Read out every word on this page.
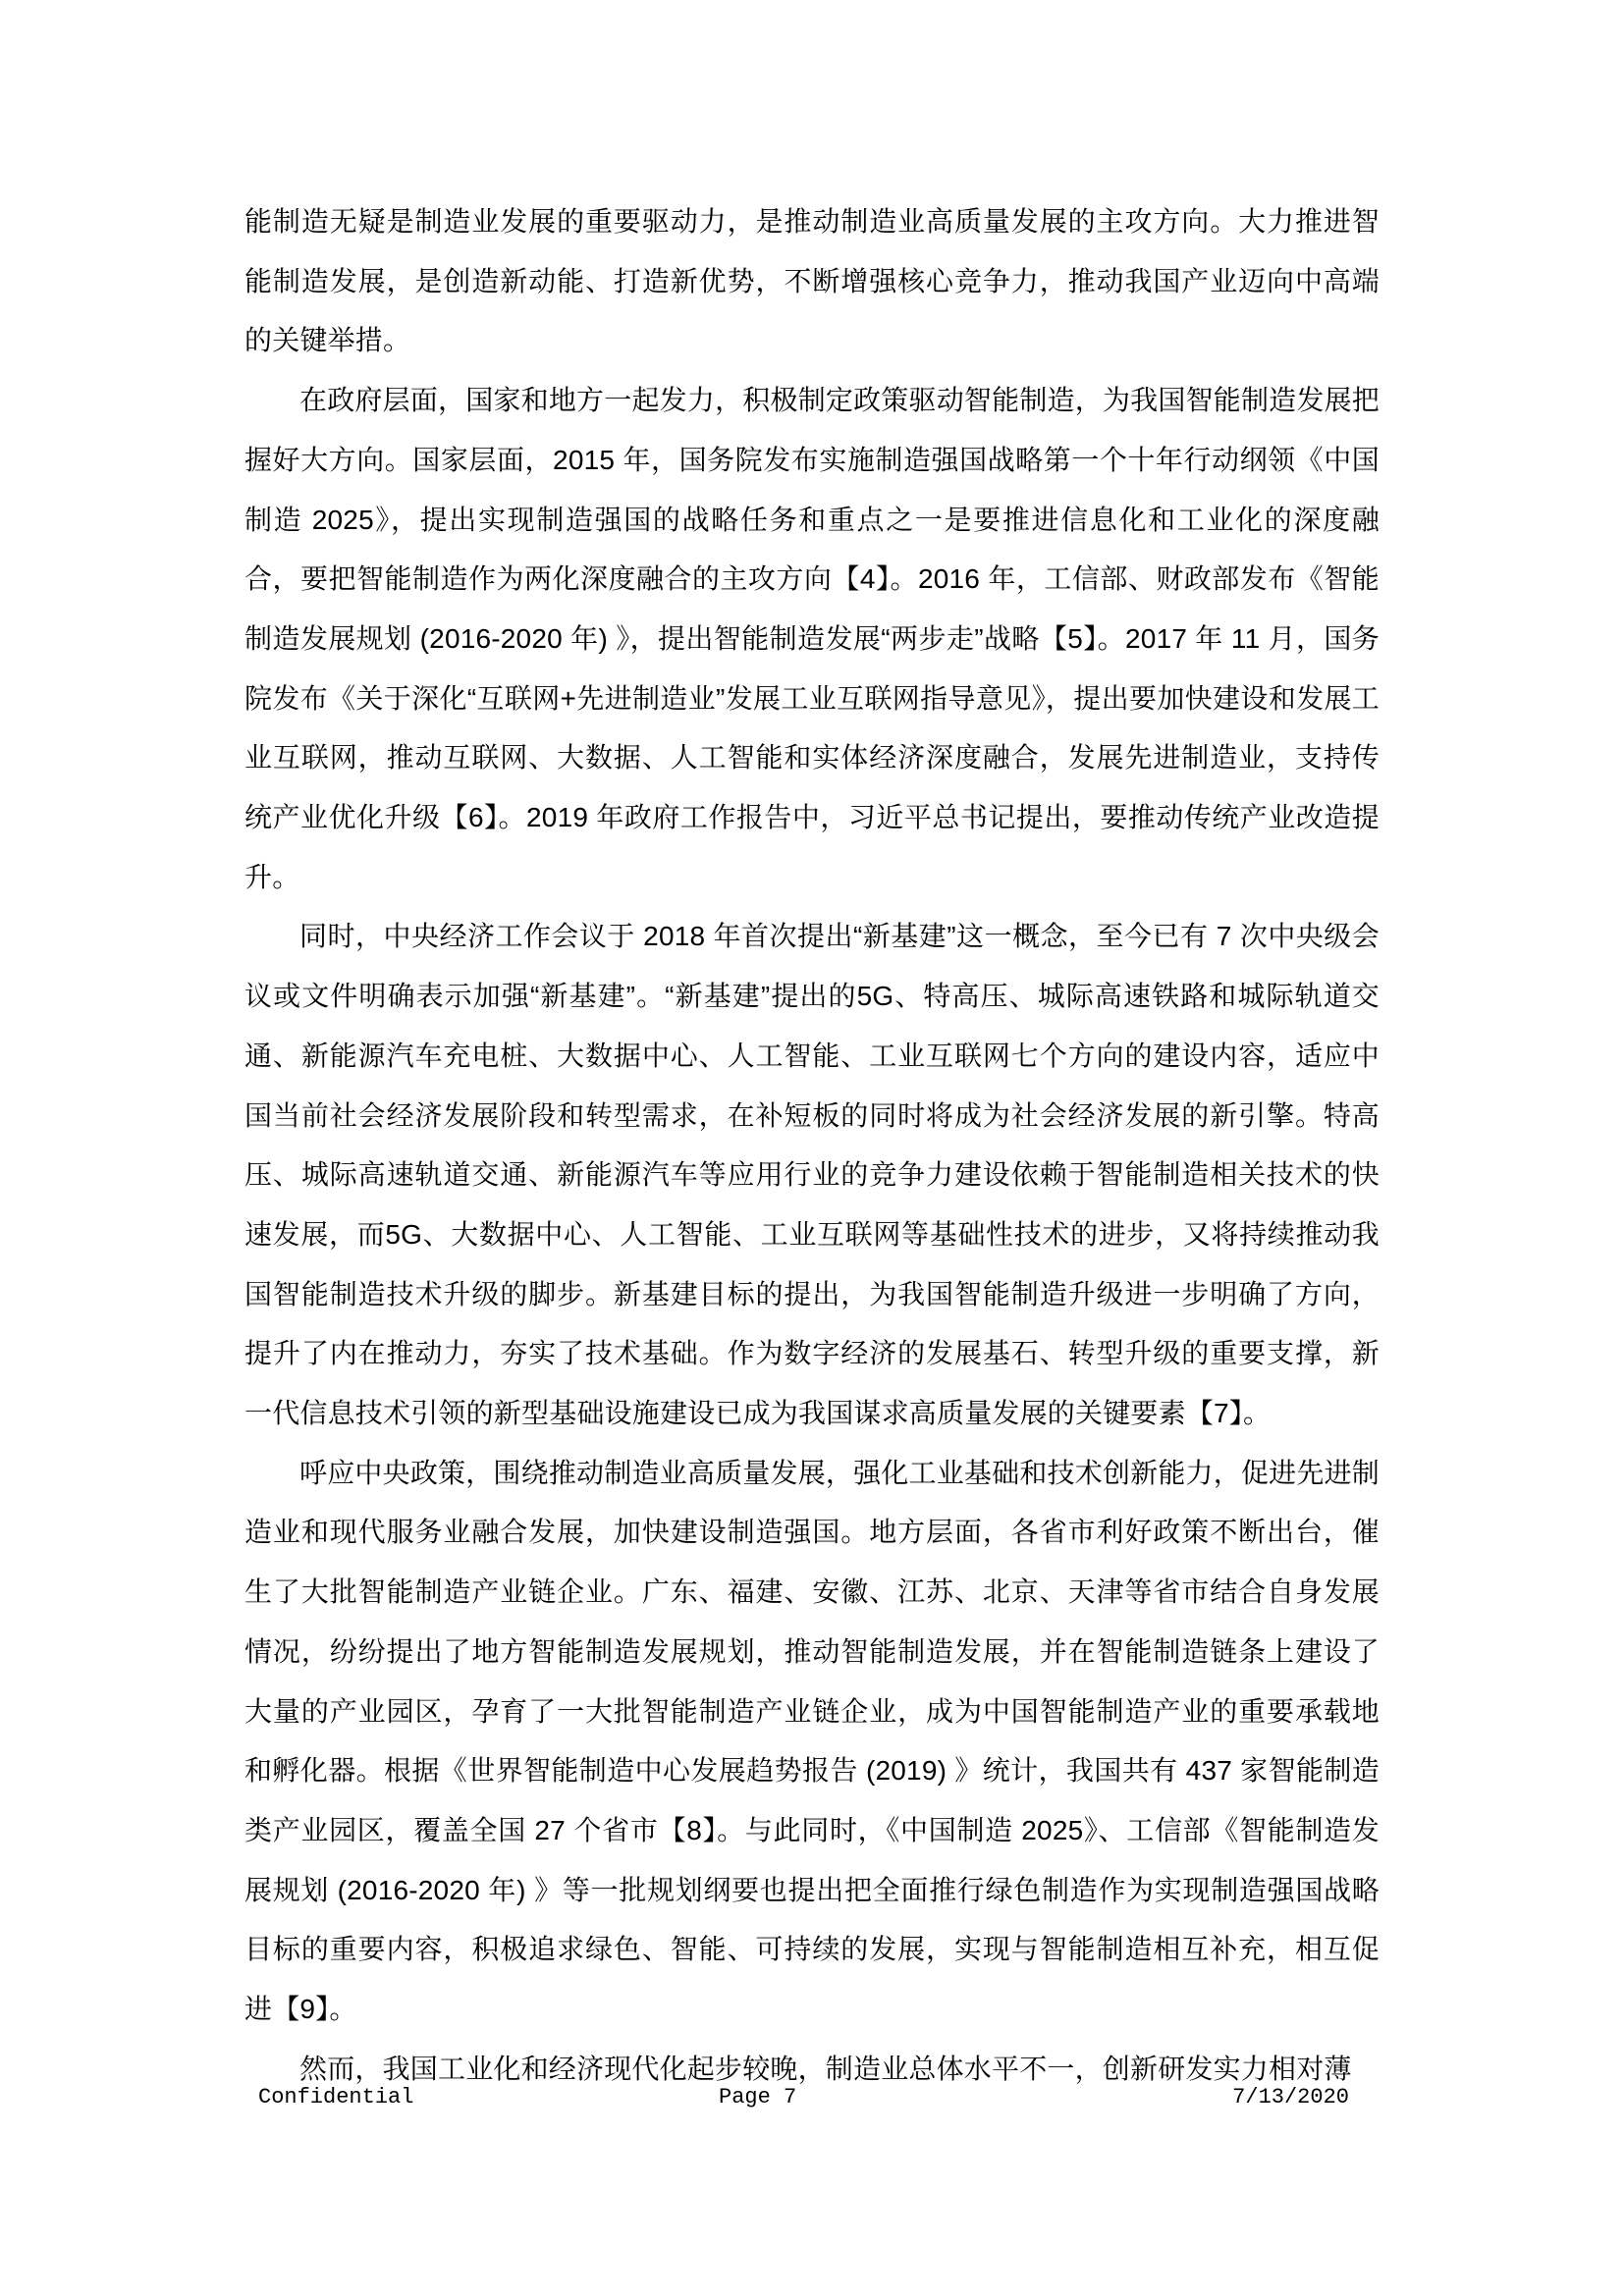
能制造无疑是制造业发展的重要驱动力，是推动制造业高质量发展的主攻方向。大力推进智能制造发展，是创造新动能、打造新优势，不断增强核心竞争力，推动我国产业迈向中高端的关键举措。

在政府层面，国家和地方一起发力，积极制定政策驱动智能制造，为我国智能制造发展把握好大方向。国家层面，2015 年，国务院发布实施制造强国战略第一个十年行动纲领《中国制造 2025》，提出实现制造强国的战略任务和重点之一是要推进信息化和工业化的深度融合，要把智能制造作为两化深度融合的主攻方向【4】。2016 年，工信部、财政部发布《智能制造发展规划 (2016-2020 年) 》，提出智能制造发展“两步走”战略【5】。2017 年 11 月，国务院发布《关于深化“互联网+先进制造业”发展工业互联网指导意见》，提出要加快建设和发展工业互联网，推动互联网、大数据、人工智能和实体经济深度融合，发展先进制造业，支持传统产业优化升级【6】。2019 年政府工作报告中，习近平总书记提出，要推动传统产业改造提升。

同时，中央经济工作会议于 2018 年首次提出“新基建”这一概念，至今已有 7 次中央级会议或文件明确表示加强“新基建”。“新基建”提出的5G、特高压、城际高速铁路和城际轨道交通、新能源汽车充电桩、大数据中心、人工智能、工业互联网七个方向的建设内容，适应中国当前社会经济发展阶段和转型需求，在补短板的同时将成为社会经济发展的新引擎。特高压、城际高速轨道交通、新能源汽车等应用行业的竞争力建设依赖于智能制造相关技术的快速发展，而5G、大数据中心、人工智能、工业互联网等基础性技术的进步，又将持续推动我国智能制造技术升级的脚步。新基建目标的提出，为我国智能制造升级进一步明确了方向，提升了内在推动力，夯实了技术基础。作为数字经济的发展基石、转型升级的重要支撑，新一代信息技术引领的新型基础设施建设已成为我国谋求高质量发展的关键要素【7】。

呼应中央政策，围绕推动制造业高质量发展，强化工业基础和技术创新能力，促进先进制造业和现代服务业融合发展，加快建设制造强国。地方层面，各省市利好政策不断出台，催生了大批智能制造产业链企业。广东、福建、安徽、江苏、北京、天津等省市结合自身发展情况，纷纷提出了地方智能制造发展规划，推动智能制造发展，并在智能制造链条上建设了大量的产业园区，孕育了一大批智能制造产业链企业，成为中国智能制造产业的重要承载地和孵化器。根据《世界智能制造中心发展趋势报告 (2019) 》统计，我国共有 437 家智能制造类产业园区，覆盖全国 27 个省市【8】。与此同时，《中国制造 2025》、工信部《智能制造发展规划 (2016-2020 年) 》等一批规划纲要也提出把全面推行绿色制造作为实现制造强国战略目标的重要内容，积极追求绿色、智能、可持续的发展，实现与智能制造相互补充，相互促进【9】。

然而，我国工业化和经济现代化起步较晚，制造业总体水平不一，创新研发实力相对薄

Confidential	Page 7	7/13/2020
